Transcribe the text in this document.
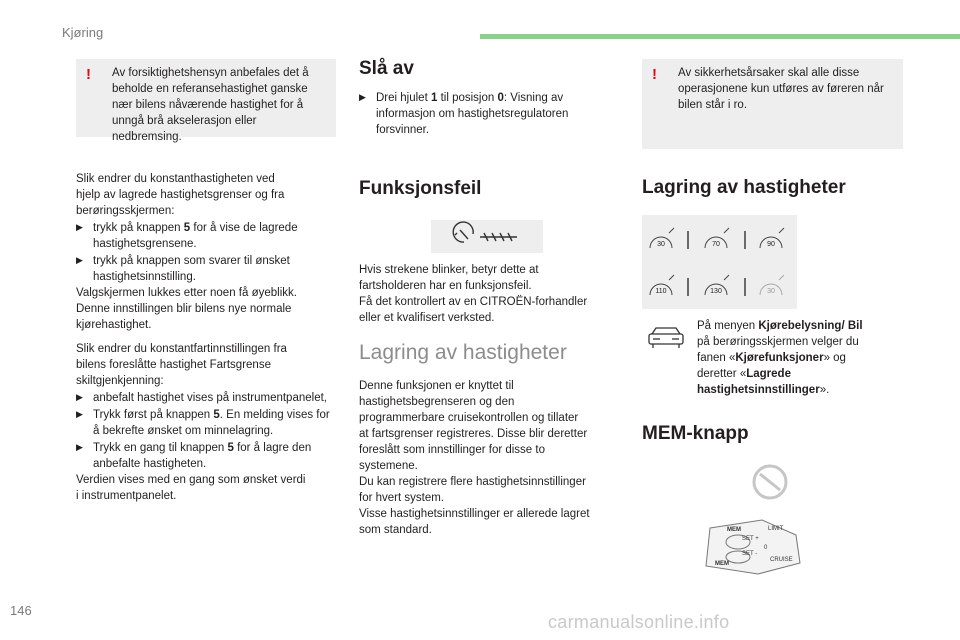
Kjøring
! Av forsiktighetshensyn anbefales det å beholde en referansehastighet ganske nær bilens nåværende hastighet for å unngå brå akselerasjon eller nedbremsing.
Slik endrer du konstanthastigheten ved
hjelp av lagrede hastighetsgrenser og fra
berøringsskjermen:
▶ trykk på knappen 5 for å vise de lagrede hastighetsgrensene.
▶ trykk på knappen som svarer til ønsket hastighetsinnstilling.
Valgskjermen lukkes etter noen få øyeblikk.
Denne innstillingen blir bilens nye normale
kjørehastighet.
Slik endrer du konstantfartinnstillingen fra
bilens foreslåtte hastighet Fartsgrense
skiltgjenkjenning:
▶ anbefalt hastighet vises på instrumentpanelet,
▶ Trykk først på knappen 5. En melding vises for å bekrefte ønsket om minnelagring.
▶ Trykk en gang til knappen 5 for å lagre den anbefalte hastigheten.
Verdien vises med en gang som ønsket verdi
i instrumentpanelet.
Slå av
▶ Drei hjulet 1 til posisjon 0: Visning av informasjon om hastighetsregulatoren forsvinner.
Funksjonsfeil
Hvis strekene blinker, betyr dette at
fartsholderen har en funksjonsfeil.
Få det kontrollert av en CITROËN-forhandler
eller et kvalifisert verksted.
Lagring av hastigheter
Denne funksjonen er knyttet til
hastighetsbegrenseren og den
programmerbare cruisekontrollen og tillater
at fartsgrenser registreres. Disse blir deretter
foreslått som innstillinger for disse to
systemene.
Du kan registrere flere hastighetsinnstillinger
for hvert system.
Visse hastighetsinnstillinger er allerede lagret
som standard.
! Av sikkerhetsårsaker skal alle disse operasjonene kun utføres av føreren når bilen står i ro.
Lagring av hastigheter
30	70	90
110	130	30
På menyen Kjørebelysning/ Bil på berøringsskjermen velger du fanen «Kjørefunksjoner» og deretter «Lagrede hastighetsinnstillinger».
MEM-knapp
MEM
SET +
SET -
LIMIT
0
CRUISE
MEM
146
carmanualsonline.info
